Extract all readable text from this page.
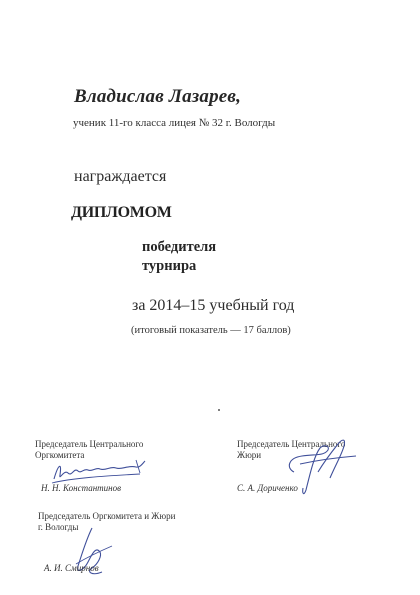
Владислав Лазарев,
ученик 11-го класса лицея № 32 г. Вологды
награждается
ДИПЛОМОМ
победителя
турнира
за 2014–15 учебный год
(итоговый показатель — 17 баллов)
Председатель Центрального
Оргкомитета
Н. Н. Константинов
Председатель Центрального
Жюри
С. А. Дориченко
Председатель Оргкомитета и Жюри
г. Вологды
А. И. Смирнов
